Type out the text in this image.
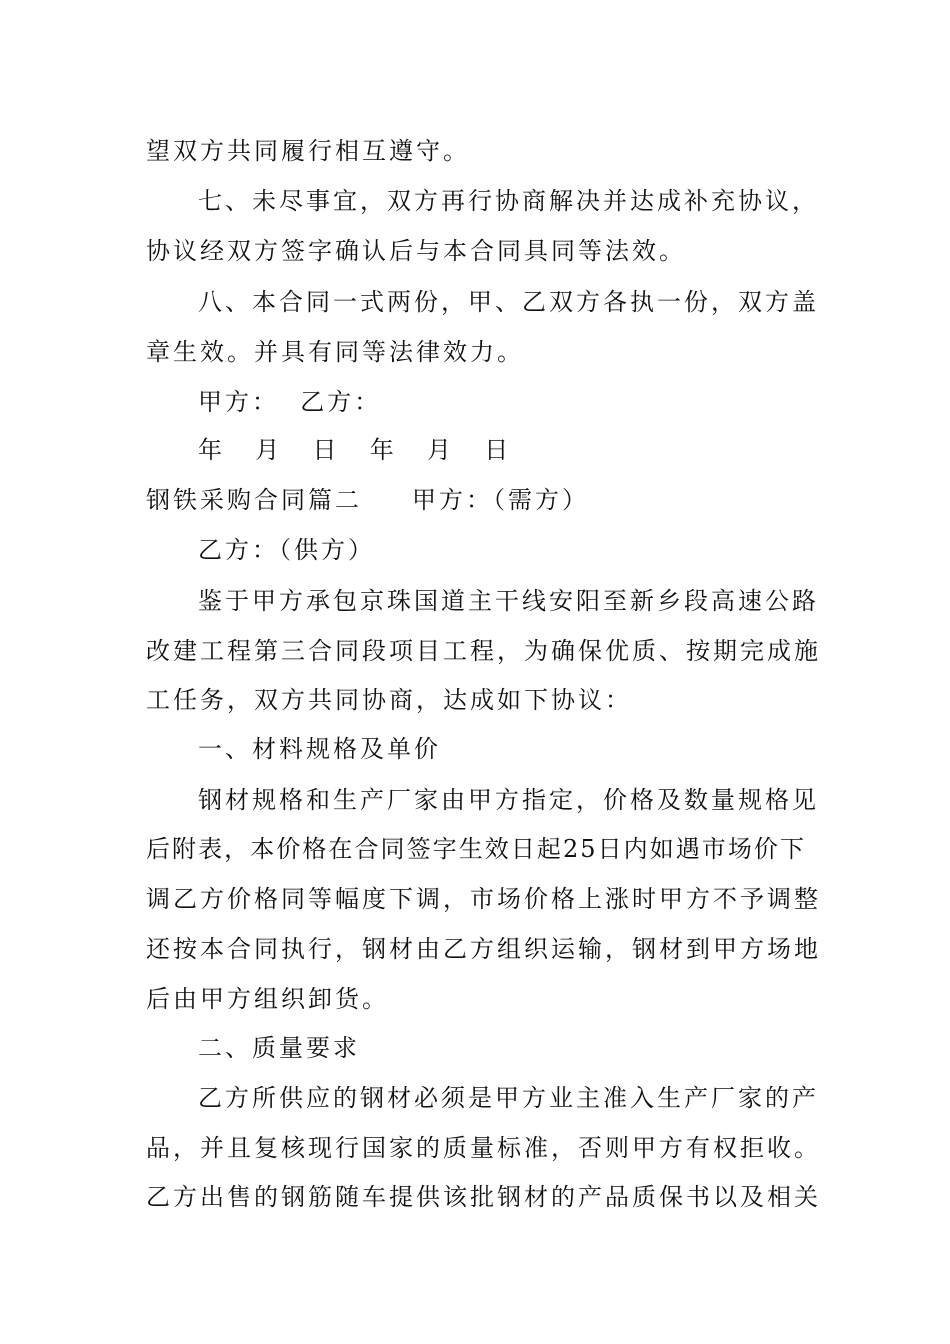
望双方共同履行相互遵守。
七、未尽事宜，双方再行协商解决并达成补充协议，
协议经双方签字确认后与本合同具同等法效。
八、本合同一式两份，甲、乙双方各执一份，双方盖
章生效。并具有同等法律效力。
甲方：  乙方：
年  月  日  年  月  日
钢铁采购合同篇二 甲方：（需方）
乙方：（供方）
鉴于甲方承包京珠国道主干线安阳至新乡段高速公路
改建工程第三合同段项目工程，为确保优质、按期完成施
工任务，双方共同协商，达成如下协议：
一、材料规格及单价
钢材规格和生产厂家由甲方指定，价格及数量规格见
后附表，本价格在合同签字生效日起25日内如遇市场价下
调乙方价格同等幅度下调，市场价格上涨时甲方不予调整
还按本合同执行，钢材由乙方组织运输，钢材到甲方场地
后由甲方组织卸货。
二、质量要求
乙方所供应的钢材必须是甲方业主准入生产厂家的产
品，并且复核现行国家的质量标准，否则甲方有权拒收。
乙方出售的钢筋随车提供该批钢材的产品质保书以及相关
